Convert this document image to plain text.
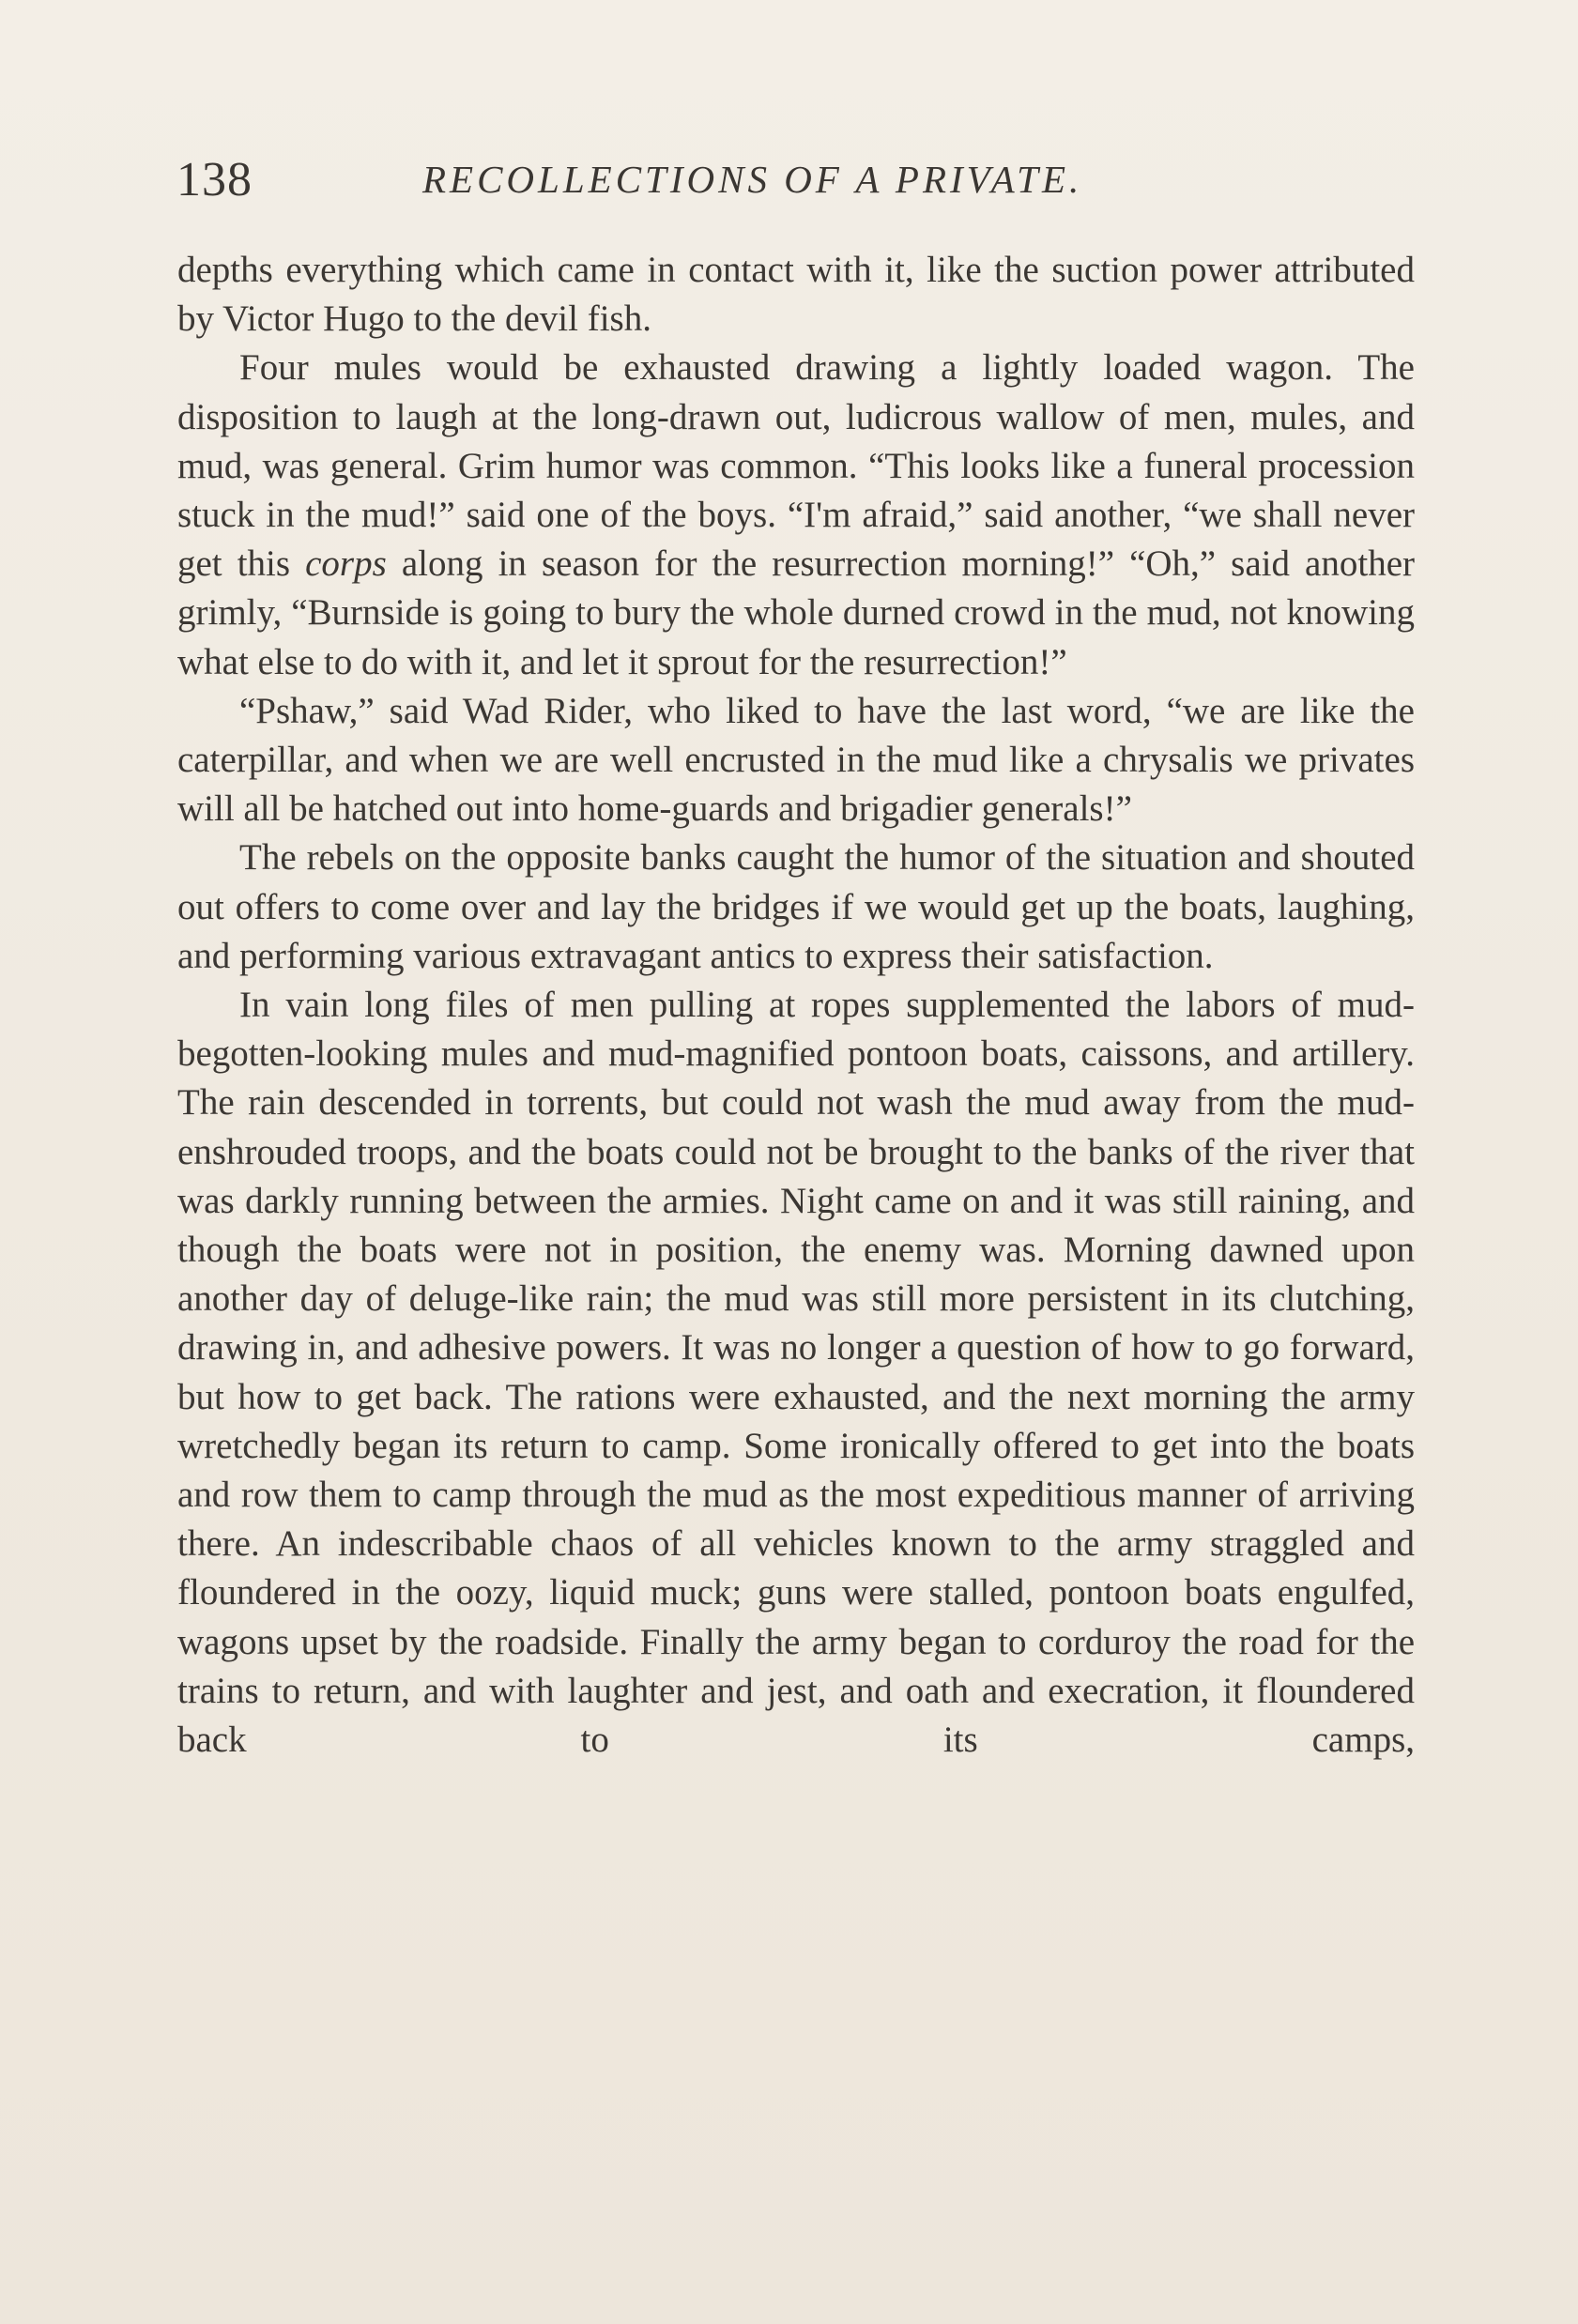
138	RECOLLECTIONS OF A PRIVATE.

depths everything which came in contact with it, like the suction power attributed by Victor Hugo to the devil fish.

Four mules would be exhausted drawing a lightly loaded wagon. The disposition to laugh at the long-drawn out, ludicrous wallow of men, mules, and mud, was general. Grim humor was common. “This looks like a funeral procession stuck in the mud!” said one of the boys. “I'm afraid,” said another, “we shall never get this corps along in season for the resurrection morning!” “Oh,” said another grimly, “Burnside is going to bury the whole durned crowd in the mud, not knowing what else to do with it, and let it sprout for the resurrection!”

“Pshaw,” said Wad Rider, who liked to have the last word, “we are like the caterpillar, and when we are well encrusted in the mud like a chrysalis we privates will all be hatched out into home-guards and brigadier generals!”

The rebels on the opposite banks caught the humor of the situation and shouted out offers to come over and lay the bridges if we would get up the boats, laughing, and performing various extravagant antics to express their satisfaction.

In vain long files of men pulling at ropes supplemented the labors of mud-begotten-looking mules and mud-magnified pontoon boats, caissons, and artillery. The rain descended in torrents, but could not wash the mud away from the mud-enshrouded troops, and the boats could not be brought to the banks of the river that was darkly running between the armies. Night came on and it was still raining, and though the boats were not in position, the enemy was. Morning dawned upon another day of deluge-like rain; the mud was still more persistent in its clutching, drawing in, and adhesive powers. It was no longer a question of how to go forward, but how to get back. The rations were exhausted, and the next morning the army wretchedly began its return to camp. Some ironically offered to get into the boats and row them to camp through the mud as the most expeditious manner of arriving there. An indescribable chaos of all vehicles known to the army straggled and floundered in the oozy, liquid muck; guns were stalled, pontoon boats engulfed, wagons upset by the roadside. Finally the army began to corduroy the road for the trains to return, and with laughter and jest, and oath and execration, it floundered back to its camps,
